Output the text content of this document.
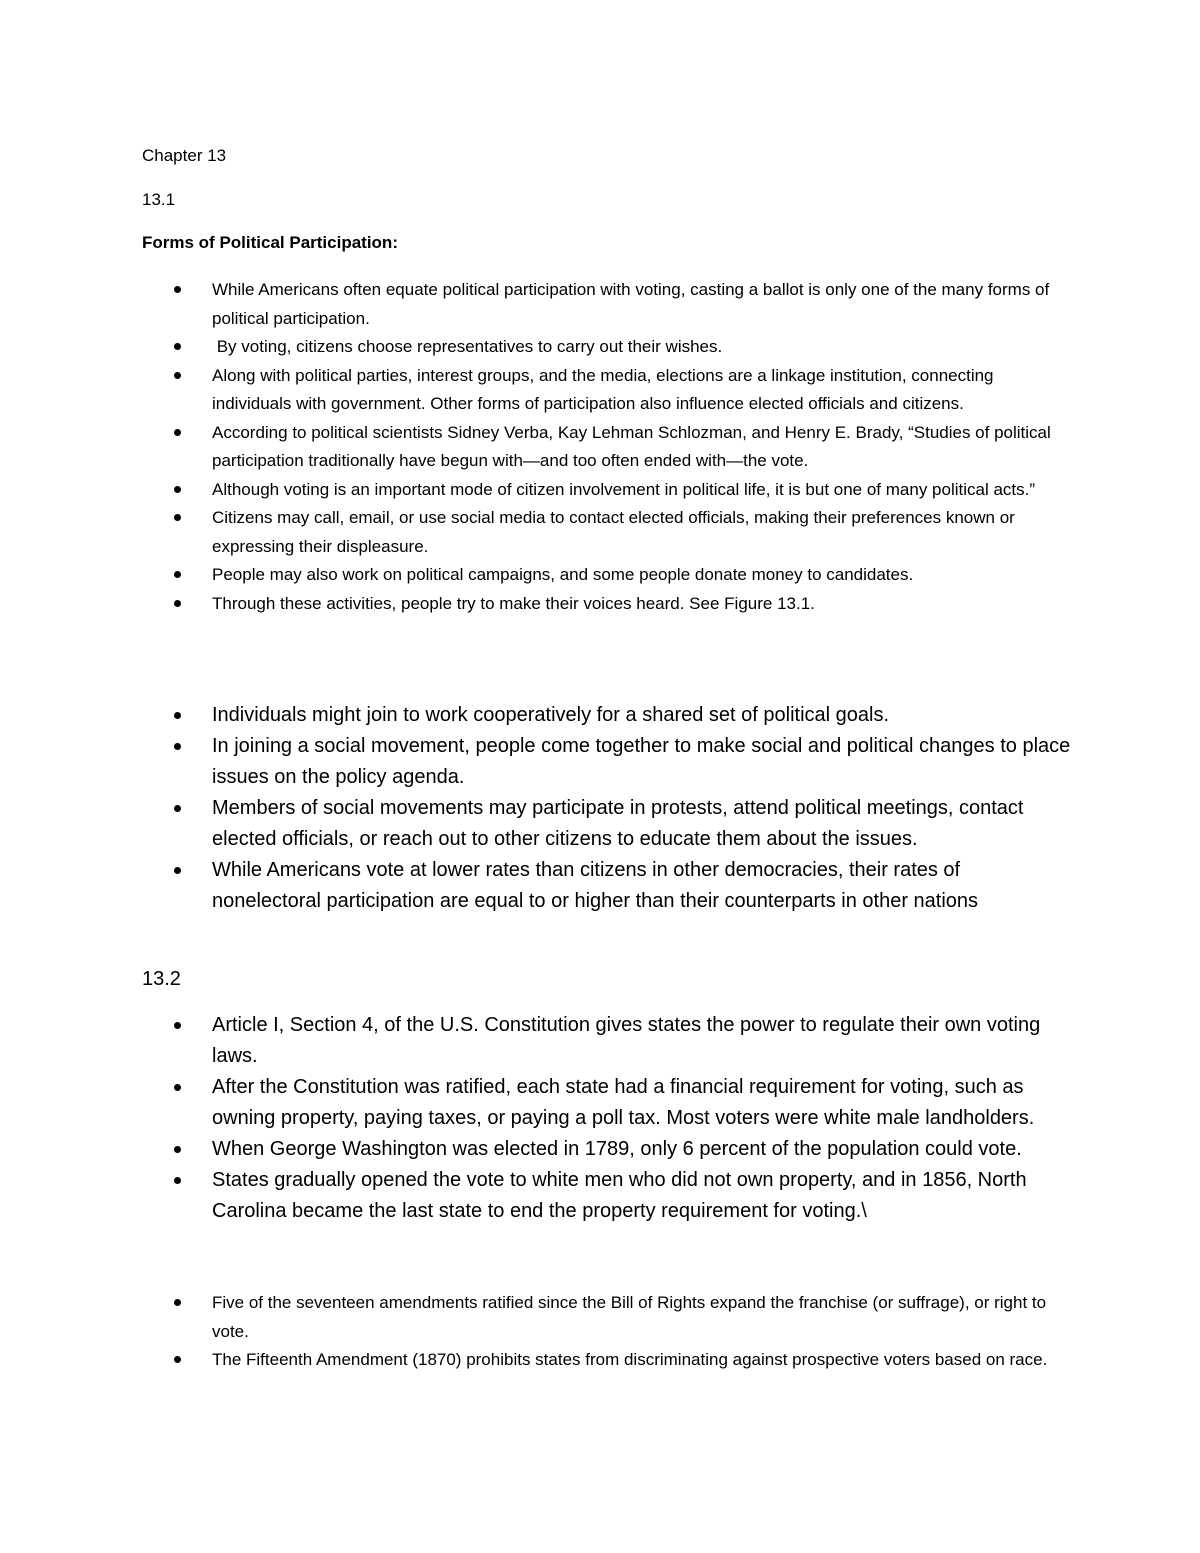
Chapter 13
13.1
Forms of Political Participation:
While Americans often equate political participation with voting, casting a ballot is only one of the many forms of political participation.
By voting, citizens choose representatives to carry out their wishes.
Along with political parties, interest groups, and the media, elections are a linkage institution, connecting individuals with government. Other forms of participation also influence elected officials and citizens.
According to political scientists Sidney Verba, Kay Lehman Schlozman, and Henry E. Brady, “Studies of political participation traditionally have begun with—and too often ended with—the vote.
Although voting is an important mode of citizen involvement in political life, it is but one of many political acts.”
Citizens may call, email, or use social media to contact elected officials, making their preferences known or expressing their displeasure.
People may also work on political campaigns, and some people donate money to candidates.
Through these activities, people try to make their voices heard. See Figure 13.1.
Individuals might join to work cooperatively for a shared set of political goals.
In joining a social movement, people come together to make social and political changes to place issues on the policy agenda.
Members of social movements may participate in protests, attend political meetings, contact elected officials, or reach out to other citizens to educate them about the issues.
While Americans vote at lower rates than citizens in other democracies, their rates of nonelectoral participation are equal to or higher than their counterparts in other nations
13.2
Article I, Section 4, of the U.S. Constitution gives states the power to regulate their own voting laws.
After the Constitution was ratified, each state had a financial requirement for voting, such as owning property, paying taxes, or paying a poll tax. Most voters were white male landholders.
When George Washington was elected in 1789, only 6 percent of the population could vote.
States gradually opened the vote to white men who did not own property, and in 1856, North Carolina became the last state to end the property requirement for voting.\
Five of the seventeen amendments ratified since the Bill of Rights expand the franchise (or suffrage), or right to vote.
The Fifteenth Amendment (1870) prohibits states from discriminating against prospective voters based on race.
